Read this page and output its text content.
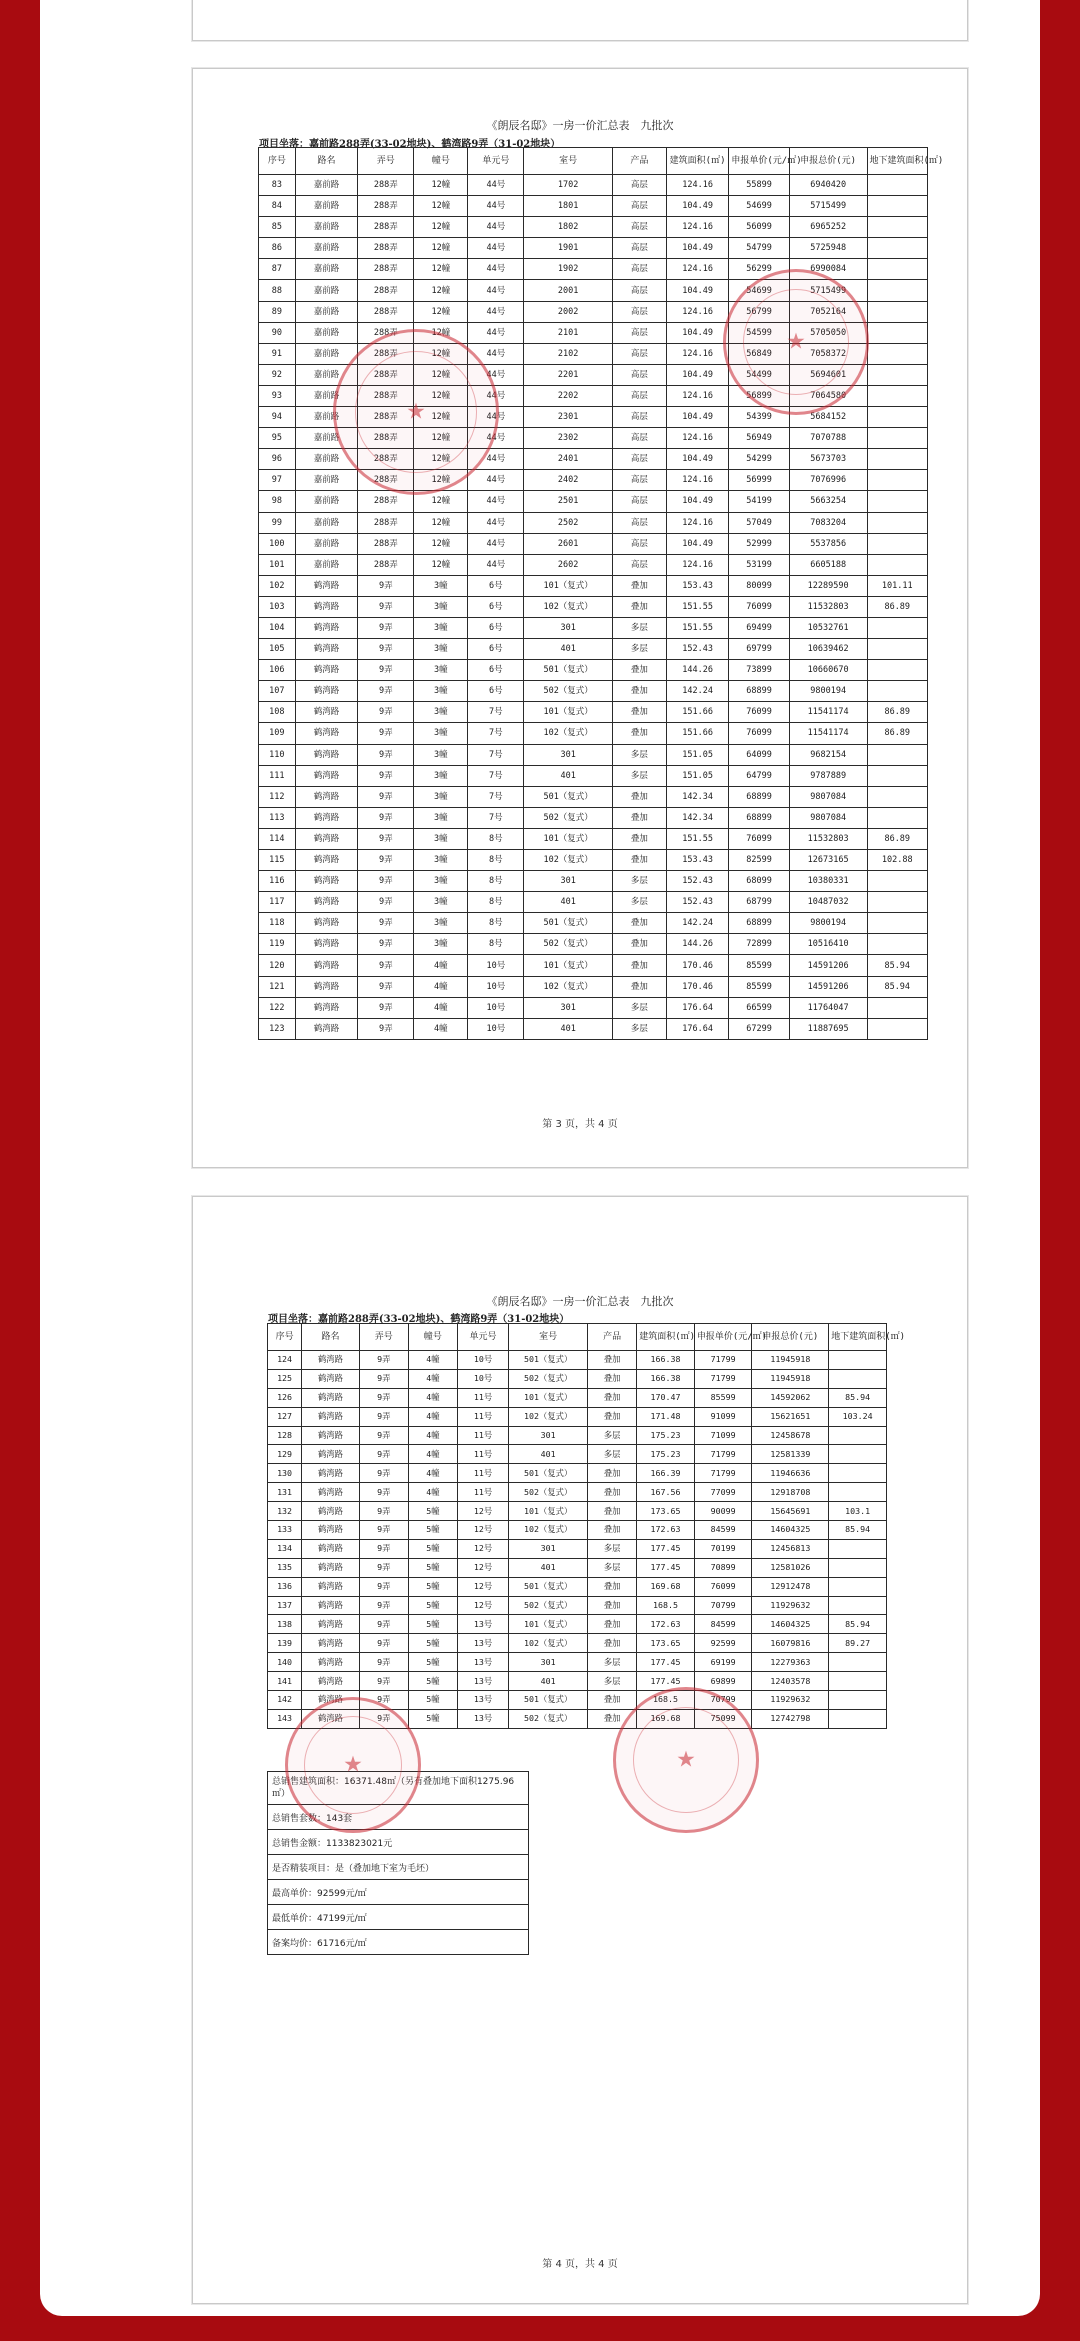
《朗辰名邸》一房一价汇总表　九批次
项目坐落：嘉前路288弄(33-02地块)、鹤湾路9弄（31-02地块）
序号	路名	弄号	幢号	单元号	室号	产品	建筑面积(㎡)	申报单价(元/㎡)	申报总价(元)	地下建筑面积(㎡)
83	嘉前路	288弄	12幢	44号	1702	高层	124.16	55899	6940420	
84	嘉前路	288弄	12幢	44号	1801	高层	104.49	54699	5715499	
85	嘉前路	288弄	12幢	44号	1802	高层	124.16	56099	6965252	
86	嘉前路	288弄	12幢	44号	1901	高层	104.49	54799	5725948	
87	嘉前路	288弄	12幢	44号	1902	高层	124.16	56299	6990084	
88	嘉前路	288弄	12幢	44号	2001	高层	104.49	54699	5715499	
89	嘉前路	288弄	12幢	44号	2002	高层	124.16	56799	7052164	
90	嘉前路	288弄	12幢	44号	2101	高层	104.49	54599	5705050	
91	嘉前路	288弄	12幢	44号	2102	高层	124.16	56849	7058372	
92	嘉前路	288弄	12幢	44号	2201	高层	104.49	54499	5694601	
93	嘉前路	288弄	12幢	44号	2202	高层	124.16	56899	7064580	
94	嘉前路	288弄	12幢	44号	2301	高层	104.49	54399	5684152	
95	嘉前路	288弄	12幢	44号	2302	高层	124.16	56949	7070788	
96	嘉前路	288弄	12幢	44号	2401	高层	104.49	54299	5673703	
97	嘉前路	288弄	12幢	44号	2402	高层	124.16	56999	7076996	
98	嘉前路	288弄	12幢	44号	2501	高层	104.49	54199	5663254	
99	嘉前路	288弄	12幢	44号	2502	高层	124.16	57049	7083204	
100	嘉前路	288弄	12幢	44号	2601	高层	104.49	52999	5537856	
101	嘉前路	288弄	12幢	44号	2602	高层	124.16	53199	6605188	
102	鹤湾路	9弄	3幢	6号	101（复式）	叠加	153.43	80099	12289590	101.11
103	鹤湾路	9弄	3幢	6号	102（复式）	叠加	151.55	76099	11532803	86.89
104	鹤湾路	9弄	3幢	6号	301	多层	151.55	69499	10532761	
105	鹤湾路	9弄	3幢	6号	401	多层	152.43	69799	10639462	
106	鹤湾路	9弄	3幢	6号	501（复式）	叠加	144.26	73899	10660670	
107	鹤湾路	9弄	3幢	6号	502（复式）	叠加	142.24	68899	9800194	
108	鹤湾路	9弄	3幢	7号	101（复式）	叠加	151.66	76099	11541174	86.89
109	鹤湾路	9弄	3幢	7号	102（复式）	叠加	151.66	76099	11541174	86.89
110	鹤湾路	9弄	3幢	7号	301	多层	151.05	64099	9682154	
111	鹤湾路	9弄	3幢	7号	401	多层	151.05	64799	9787889	
112	鹤湾路	9弄	3幢	7号	501（复式）	叠加	142.34	68899	9807084	
113	鹤湾路	9弄	3幢	7号	502（复式）	叠加	142.34	68899	9807084	
114	鹤湾路	9弄	3幢	8号	101（复式）	叠加	151.55	76099	11532803	86.89
115	鹤湾路	9弄	3幢	8号	102（复式）	叠加	153.43	82599	12673165	102.88
116	鹤湾路	9弄	3幢	8号	301	多层	152.43	68099	10380331	
117	鹤湾路	9弄	3幢	8号	401	多层	152.43	68799	10487032	
118	鹤湾路	9弄	3幢	8号	501（复式）	叠加	142.24	68899	9800194	
119	鹤湾路	9弄	3幢	8号	502（复式）	叠加	144.26	72899	10516410	
120	鹤湾路	9弄	4幢	10号	101（复式）	叠加	170.46	85599	14591206	85.94
121	鹤湾路	9弄	4幢	10号	102（复式）	叠加	170.46	85599	14591206	85.94
122	鹤湾路	9弄	4幢	10号	301	多层	176.64	66599	11764047	
123	鹤湾路	9弄	4幢	10号	401	多层	176.64	67299	11887695	
★
★
第 3 页，共 4 页
《朗辰名邸》一房一价汇总表　九批次
项目坐落：嘉前路288弄(33-02地块)、鹤湾路9弄（31-02地块）
序号	路名	弄号	幢号	单元号	室号	产品	建筑面积(㎡)	申报单价(元/㎡)	申报总价(元)	地下建筑面积(㎡)
124	鹤湾路	9弄	4幢	10号	501（复式）	叠加	166.38	71799	11945918	
125	鹤湾路	9弄	4幢	10号	502（复式）	叠加	166.38	71799	11945918	
126	鹤湾路	9弄	4幢	11号	101（复式）	叠加	170.47	85599	14592062	85.94
127	鹤湾路	9弄	4幢	11号	102（复式）	叠加	171.48	91099	15621651	103.24
128	鹤湾路	9弄	4幢	11号	301	多层	175.23	71099	12458678	
129	鹤湾路	9弄	4幢	11号	401	多层	175.23	71799	12581339	
130	鹤湾路	9弄	4幢	11号	501（复式）	叠加	166.39	71799	11946636	
131	鹤湾路	9弄	4幢	11号	502（复式）	叠加	167.56	77099	12918708	
132	鹤湾路	9弄	5幢	12号	101（复式）	叠加	173.65	90099	15645691	103.1
133	鹤湾路	9弄	5幢	12号	102（复式）	叠加	172.63	84599	14604325	85.94
134	鹤湾路	9弄	5幢	12号	301	多层	177.45	70199	12456813	
135	鹤湾路	9弄	5幢	12号	401	多层	177.45	70899	12581026	
136	鹤湾路	9弄	5幢	12号	501（复式）	叠加	169.68	76099	12912478	
137	鹤湾路	9弄	5幢	12号	502（复式）	叠加	168.5	70799	11929632	
138	鹤湾路	9弄	5幢	13号	101（复式）	叠加	172.63	84599	14604325	85.94
139	鹤湾路	9弄	5幢	13号	102（复式）	叠加	173.65	92599	16079816	89.27
140	鹤湾路	9弄	5幢	13号	301	多层	177.45	69199	12279363	
141	鹤湾路	9弄	5幢	13号	401	多层	177.45	69899	12403578	
142	鹤湾路	9弄	5幢	13号	501（复式）	叠加	168.5	70799	11929632	
143	鹤湾路	9弄	5幢	13号	502（复式）	叠加	169.68	75099	12742798	
总销售建筑面积：16371.48㎡（另有叠加地下面积1275.96㎡）
总销售套数：143套
总销售金额：1133823021元
是否精装项目：是（叠加地下室为毛坯）
最高单价：92599元/㎡
最低单价：47199元/㎡
备案均价：61716元/㎡
★	★
第 4 页，共 4 页
